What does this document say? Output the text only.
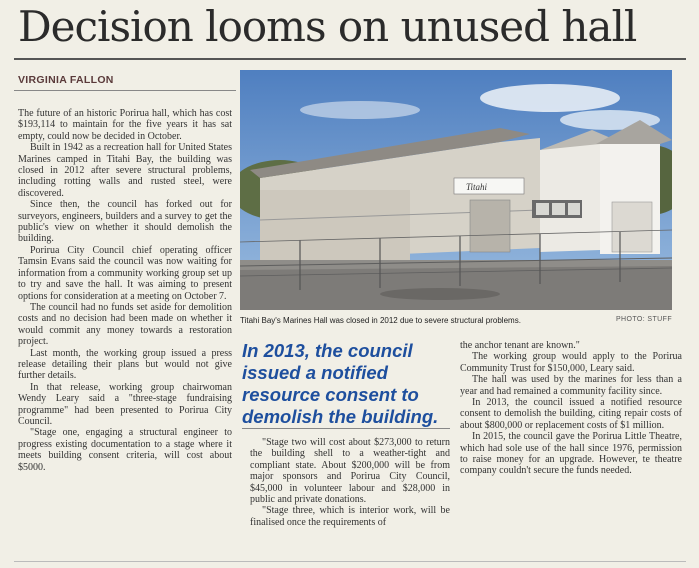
Decision looms on unused hall
VIRGINIA FALLON

The future of an historic Porirua hall, which has cost $193,114 to maintain for the five years it has sat empty, could now be decided in October.

Built in 1942 as a recreation hall for United States Marines camped in Titahi Bay, the building was closed in 2012 after severe structural problems, including rotting walls and rusted steel, were discovered.

Since then, the council has forked out for surveyors, engineers, builders and a survey to get the public's view on whether it should demolish the building.

Porirua City Council chief operating officer Tamsin Evans said the council was now waiting for information from a community working group set up to try and save the hall. It was aiming to present options for consideration at a meeting on October 7.

The council had no funds set aside for demolition costs and no decision had been made on whether it would commit any money towards a restoration project.

Last month, the working group issued a press release detailing their plans but would not give further details.

In that release, working group chairwoman Wendy Leary said a "three-stage fundraising programme" had been presented to Porirua City Council.

"Stage one, engaging a structural engineer to progress existing documentation to a stage where it meets building consent criteria, will cost about $5000.

Titahi
Titahi Bay's Marines Hall was closed in 2012 due to severe structural problems.	PHOTO: STUFF
In 2013, the council issued a notified resource consent to demolish the building.

"Stage two will cost about $273,000 to return the building shell to a weather-tight and compliant state. About $200,000 will be from major sponsors and Porirua City Council, $45,000 in volunteer labour and $28,000 in public and private donations.

"Stage three, which is interior work, will be finalised once the requirements of

the anchor tenant are known."

The working group would apply to the Porirua Community Trust for $150,000, Leary said.

The hall was used by the marines for less than a year and had remained a community facility since.

In 2013, the council issued a notified resource consent to demolish the building, citing repair costs of about $800,000 or replacement costs of $1 million.

In 2015, the council gave the Porirua Little Theatre, which had sole use of the hall since 1976, permission to raise money for an upgrade. However, te theatre company couldn't secure the funds needed.
